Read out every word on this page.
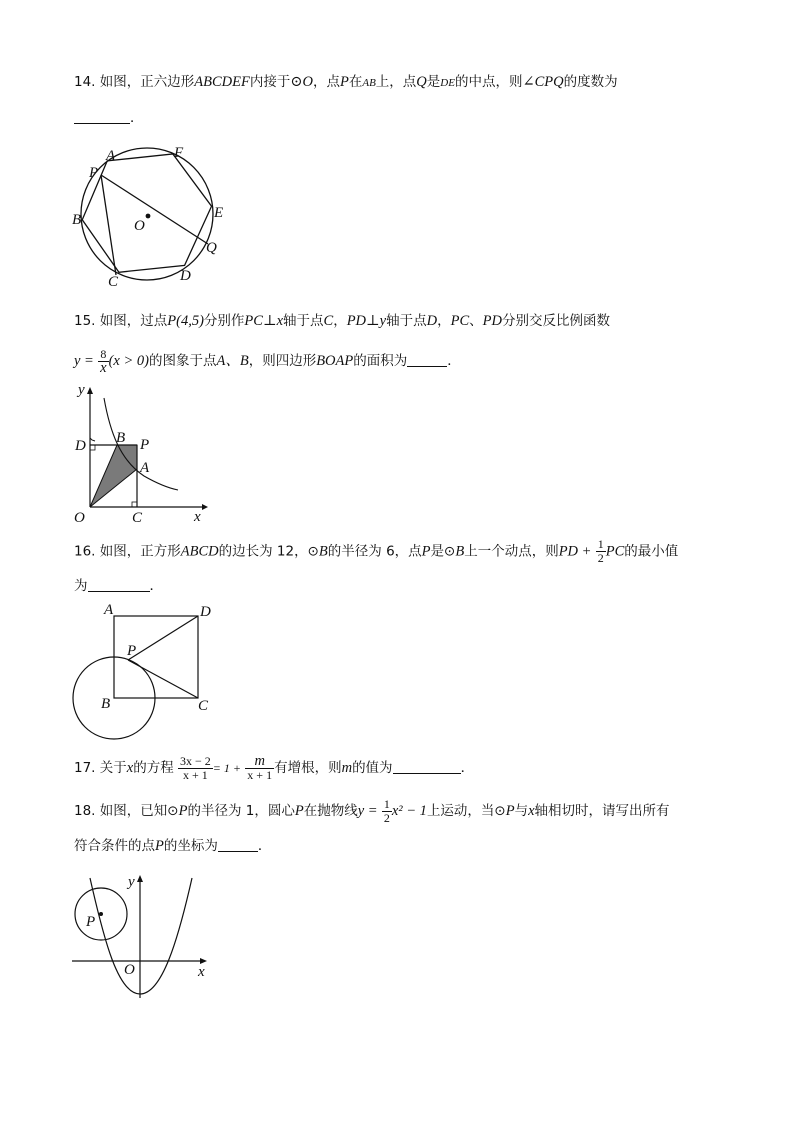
14. 如图，正六边形ABCDEF内接于⊙O，点P在AB上，点Q是DE的中点，则∠CPQ的度数为
．
A	F
P
E
B	O
Q
D
C
15. 如图，过点P(4,5)分别作PC⊥x轴于点C，PD⊥y轴于点D，PC、PD分别交反比例函数
$y = \frac{8}{x} (x > 0)$的图象于点A、B，则四边形BOAP的面积为	．
y
x
O
D B P
A
C
16. 如图，正方形ABCD的边长为 12，⊙B的半径为 6，点P是⊙B上一个动点，则PD + $\frac{1}{2}$ PC的最小值
为	．
A	D
P
B	C
17. 关于x的方程 $\frac{3x - 2}{x + 1} = 1 + \frac{m}{x + 1}$ 有增根，则m的值为	．
18. 如图，已知⊙P的半径为 1，圆心P在抛物线$y = \frac{1}{2} x^2 - 1$上运动，当⊙P与x轴相切时，请写出所有
符合条件的点P的坐标为	．
y
x
O
P
